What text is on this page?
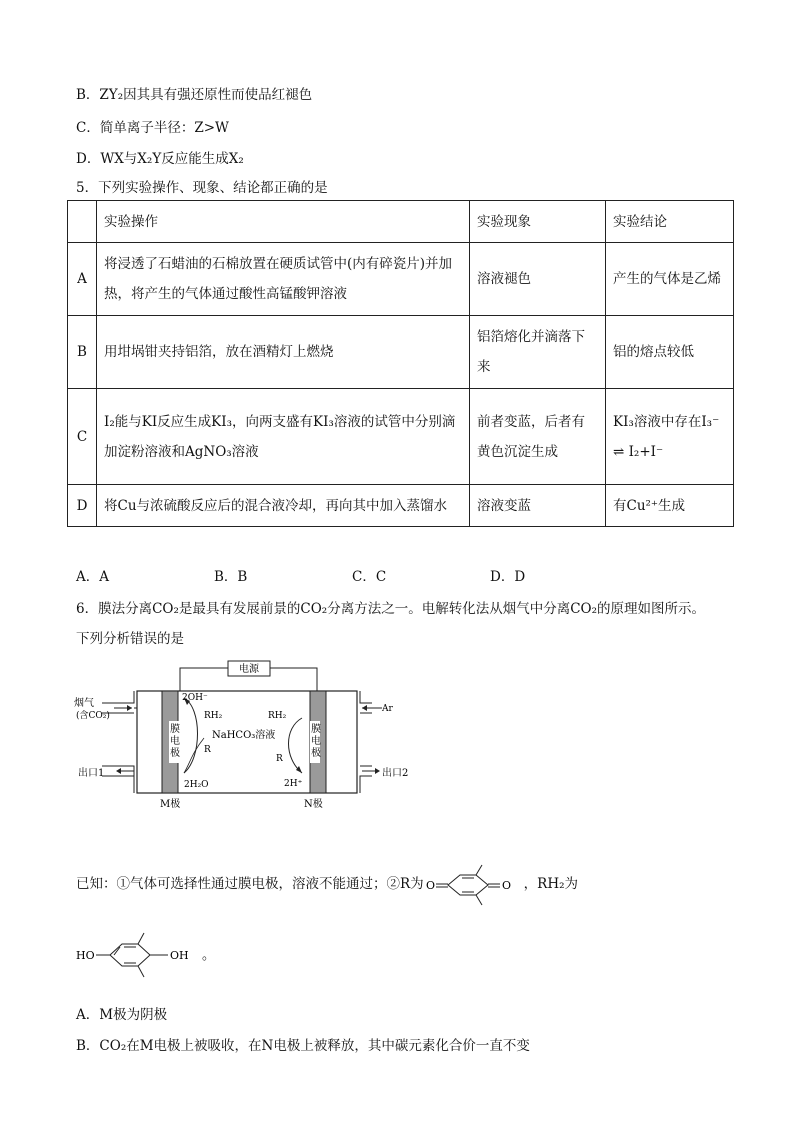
B．ZY₂因其具有强还原性而使品红褪色
C．简单离子半径：Z>W
D．WX与X₂Y反应能生成X₂
5．下列实验操作、现象、结论都正确的是
	实验操作	实验现象	实验结论
A	将浸透了石蜡油的石棉放置在硬质试管中(内有碎瓷片)并加热，将产生的气体通过酸性高锰酸钾溶液	溶液褪色	产生的气体是乙烯
B	用坩埚钳夹持铝箔，放在酒精灯上燃烧	铝箔熔化并滴落下来	铝的熔点较低
C	I₂能与KI反应生成KI₃，向两支盛有KI₃溶液的试管中分别滴加淀粉溶液和AgNO₃溶液	前者变蓝，后者有黄色沉淀生成	KI₃溶液中存在I₃⁻ ⇌ I₂+I⁻
D	将Cu与浓硫酸反应后的混合液冷却，再向其中加入蒸馏水	溶液变蓝	有Cu²⁺生成
A．A	B．B	C．C	D．D
6．膜法分离CO₂是最具有发展前景的CO₂分离方法之一。电解转化法从烟气中分离CO₂的原理如图所示。
下列分析错误的是
电源
膜 电 极
膜 电 极
烟气
(含CO₂)
Ar
2OH⁻
RH₂
R
2H₂O
NaHCO₃溶液
RH₂
R
2H⁺
出口1	出口2
M极	N极
已知：①气体可选择性通过膜电极，溶液不能通过；②R为 O	O ，RH₂为
HO	OH 。
A．M极为阴极
B．CO₂在M电极上被吸收，在N电极上被释放，其中碳元素化合价一直不变
